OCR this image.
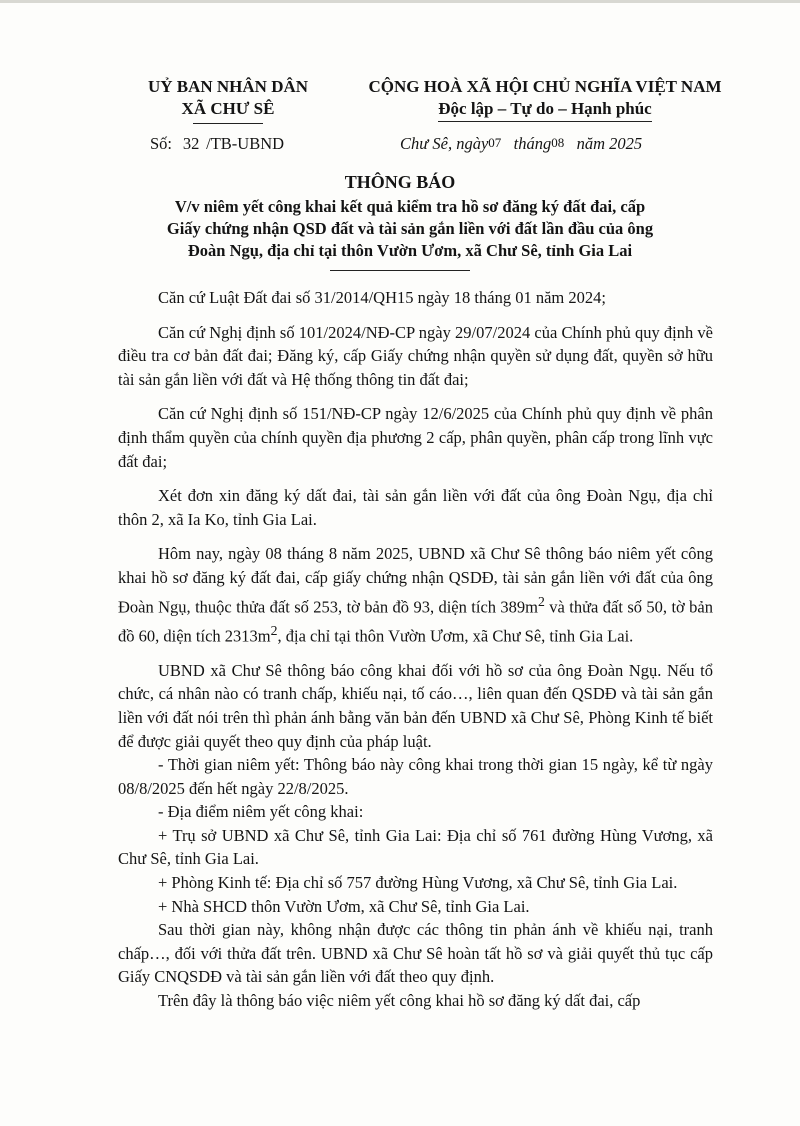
UỶ BAN NHÂN DÂN
XÃ CHƯ SÊ
CỘNG HOÀ XÃ HỘI CHỦ NGHĨA VIỆT NAM
Độc lập – Tự do – Hạnh phúc
Số: 32 /TB-UBND	Chư Sê, ngày07 tháng08 năm 2025
THÔNG BÁO
V/v niêm yết công khai kết quả kiểm tra hồ sơ đăng ký đất đai, cấp
Giấy chứng nhận QSD đất và tài sản gắn liền với đất lần đầu của ông
Đoàn Ngụ, địa chỉ tại thôn Vườn Ươm, xã Chư Sê, tỉnh Gia Lai

Căn cứ Luật Đất đai số 31/2014/QH15 ngày 18 tháng 01 năm 2024;

Căn cứ Nghị định số 101/2024/NĐ-CP ngày 29/07/2024 của Chính phủ quy định về điều tra cơ bản đất đai; Đăng ký, cấp Giấy chứng nhận quyền sử dụng đất, quyền sở hữu tài sản gắn liền với đất và Hệ thống thông tin đất đai;

Căn cứ Nghị định số 151/NĐ-CP ngày 12/6/2025 của Chính phủ quy định về phân định thẩm quyền của chính quyền địa phương 2 cấp, phân quyền, phân cấp trong lĩnh vực đất đai;

Xét đơn xin đăng ký dất đai, tài sản gắn liền với đất của ông Đoàn Ngụ, địa chỉ thôn 2, xã Ia Ko, tỉnh Gia Lai.

Hôm nay, ngày 08 tháng 8 năm 2025, UBND xã Chư Sê thông báo niêm yết công khai hồ sơ đăng ký đất đai, cấp giấy chứng nhận QSDĐ, tài sản gắn liền với đất của ông Đoàn Ngụ, thuộc thửa đất số 253, tờ bản đồ 93, diện tích $389m^2$ và thửa đất số 50, tờ bản đồ 60, diện tích $2313m^2$, địa chỉ tại thôn Vườn Ươm, xã Chư Sê, tỉnh Gia Lai.

UBND xã Chư Sê thông báo công khai đối với hồ sơ của ông Đoàn Ngụ. Nếu tổ chức, cá nhân nào có tranh chấp, khiếu nại, tố cáo…, liên quan đến QSDĐ và tài sản gắn liền với đất nói trên thì phản ánh bằng văn bản đến UBND xã Chư Sê, Phòng Kinh tế biết để được giải quyết theo quy định của pháp luật.

- Thời gian niêm yết: Thông báo này công khai trong thời gian 15 ngày, kể từ ngày 08/8/2025 đến hết ngày 22/8/2025.

- Địa điểm niêm yết công khai:

+ Trụ sở UBND xã Chư Sê, tỉnh Gia Lai: Địa chỉ số 761 đường Hùng Vương, xã Chư Sê, tỉnh Gia Lai.

+ Phòng Kinh tế: Địa chỉ số 757 đường Hùng Vương, xã Chư Sê, tỉnh Gia Lai.

+ Nhà SHCD thôn Vườn Ươm, xã Chư Sê, tỉnh Gia Lai.

Sau thời gian này, không nhận được các thông tin phản ánh về khiếu nại, tranh chấp…, đối với thửa đất trên. UBND xã Chư Sê hoàn tất hồ sơ và giải quyết thủ tục cấp Giấy CNQSDĐ và tài sản gắn liền với đất theo quy định.

Trên đây là thông báo việc niêm yết công khai hồ sơ đăng ký dất đai, cấp
